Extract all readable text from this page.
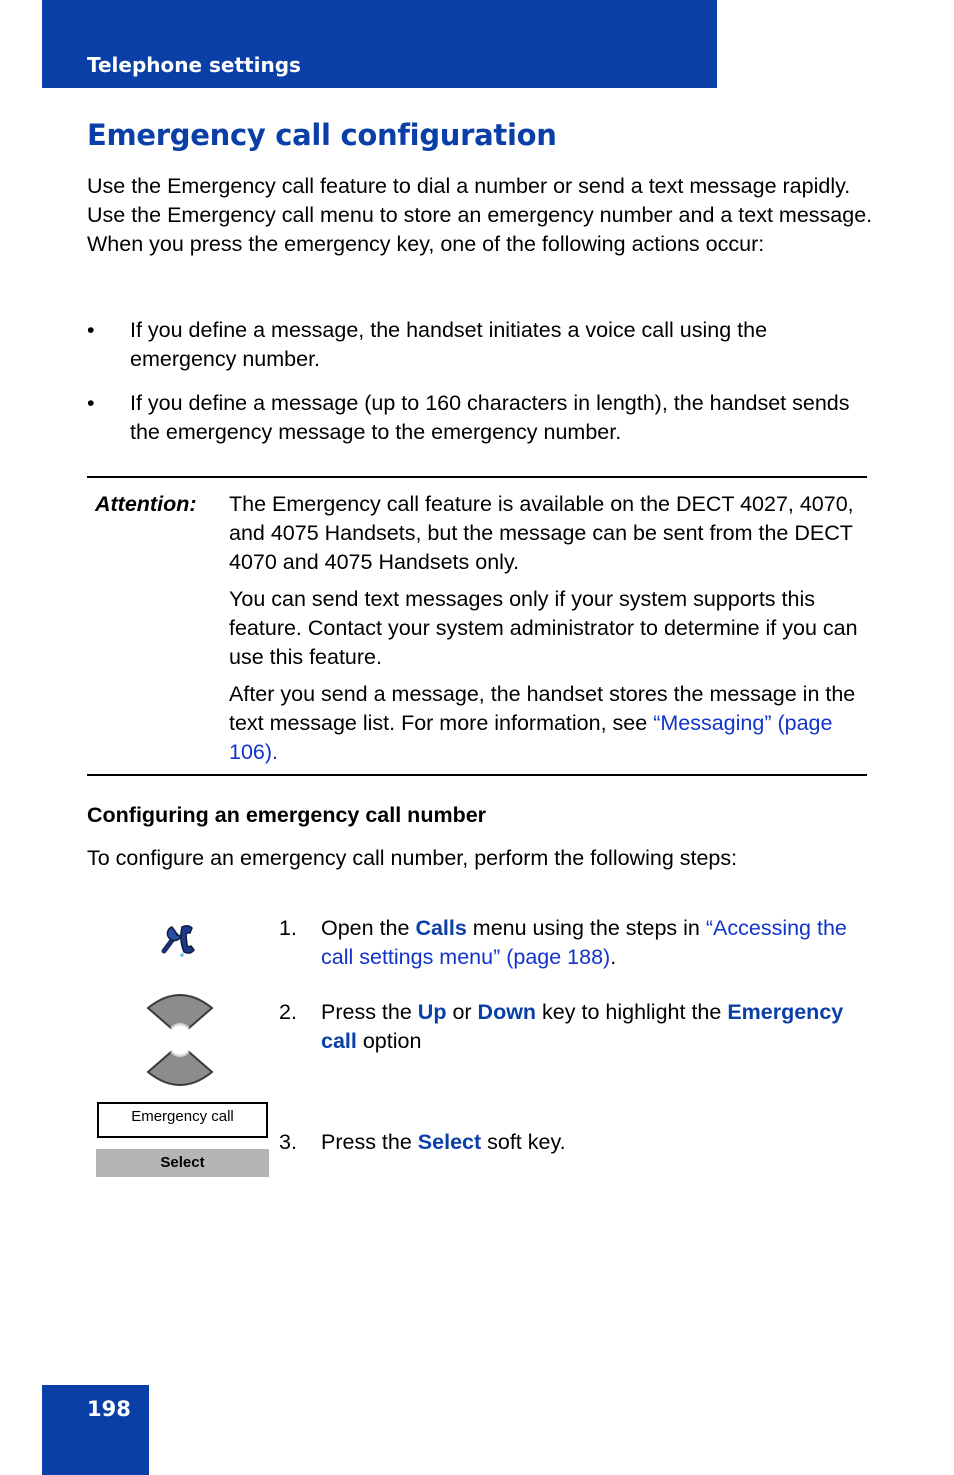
Telephone settings
Emergency call configuration

Use the Emergency call feature to dial a number or send a text message rapidly. Use the Emergency call menu to store an emergency number and a text message. When you press the emergency key, one of the following actions occur:

• If you define a message, the handset initiates a voice call using the emergency number.
• If you define a message (up to 160 characters in length), the handset sends the emergency message to the emergency number.
Attention: The Emergency call feature is available on the DECT 4027, 4070, and 4075 Handsets, but the message can be sent from the DECT 4070 and 4075 Handsets only.

You can send text messages only if your system supports this feature. Contact your system administrator to determine if you can use this feature.

After you send a message, the handset stores the message in the text message list. For more information, see “Messaging” (page 106).

Configuring an emergency call number

To configure an emergency call number, perform the following steps:

Emergency call
Select
1. Open the Calls menu using the steps in “Accessing the call settings menu” (page 188).
2. Press the Up or Down key to highlight the Emergency call option
3. Press the Select soft key.
198
